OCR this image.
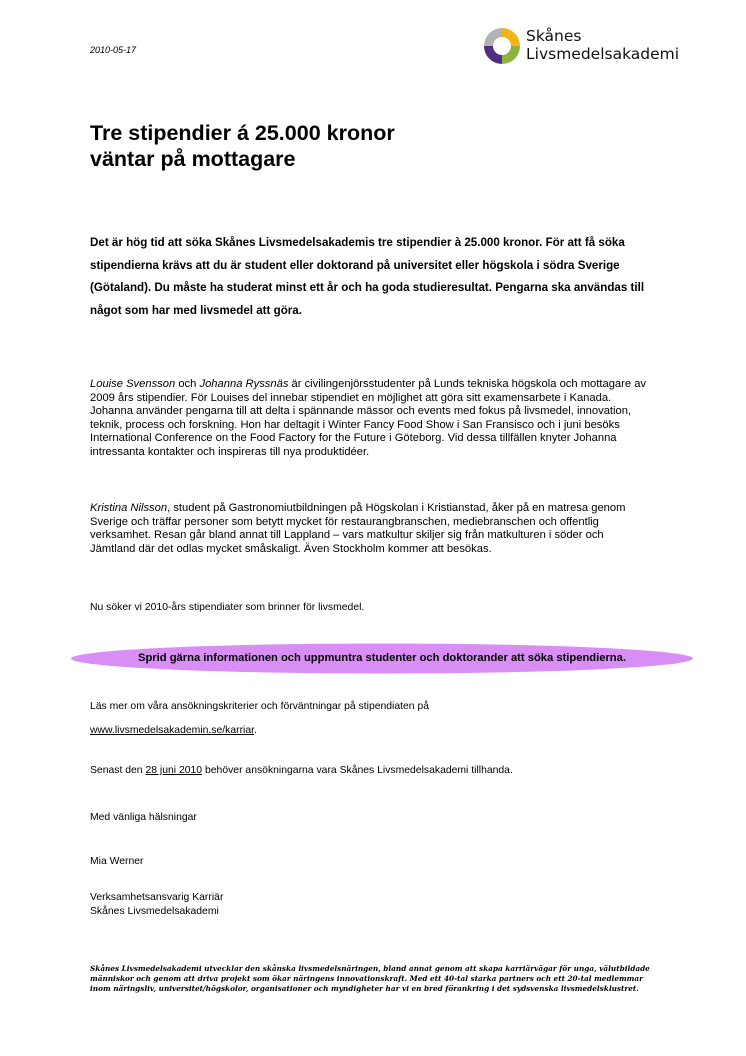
2010-05-17
Skånes
Livsmedelsakademi
Tre stipendier á 25.000 kronor
väntar på mottagare
Det är hög tid att söka Skånes Livsmedelsakademis tre stipendier à 25.000 kronor. För att få söka stipendierna krävs att du är student eller doktorand på universitet eller högskola i södra Sverige (Götaland). Du måste ha studerat minst ett år och ha goda studieresultat. Pengarna ska användas till något som har med livsmedel att göra.
Louise Svensson och Johanna Ryssnäs är civilingenjörsstudenter på Lunds tekniska högskola och mottagare av 2009 års stipendier. För Louises del innebar stipendiet en möjlighet att göra sitt examensarbete i Kanada. Johanna använder pengarna till att delta i spännande mässor och events med fokus på livsmedel, innovation, teknik, process och forskning. Hon har deltagit i Winter Fancy Food Show i San Fransisco och i juni besöks International Conference on the Food Factory for the Future i Göteborg. Vid dessa tillfällen knyter Johanna intressanta kontakter och inspireras till nya produktidéer.
Kristina Nilsson, student på Gastronomiutbildningen på Högskolan i Kristianstad, åker på en matresa genom Sverige och träffar personer som betytt mycket för restaurangbranschen, mediebranschen och offentlig verksamhet. Resan går bland annat till Lappland – vars matkultur skiljer sig från matkulturen i söder och Jämtland där det odlas mycket småskaligt. Även Stockholm kommer att besökas.
Nu söker vi 2010-års stipendiater som brinner för livsmedel.
Sprid gärna informationen och uppmuntra studenter och doktorander att söka stipendierna.
Läs mer om våra ansökningskriterier och förväntningar på stipendiaten på
www.livsmedelsakademin.se/karriar.
Senast den 28 juni 2010 behöver ansökningarna vara Skånes Livsmedelsakademi tillhanda.
Med vänliga hälsningar
Mia Werner
Verksamhetsansvarig Karriär
Skånes Livsmedelsakademi
Skånes Livsmedelsakademi utvecklar den skånska livsmedelsnäringen, bland annat genom att skapa karriärvägar för unga, välutbildade människor och genom att driva projekt som ökar näringens innovationskraft. Med ett 40-tal starka partners och ett 20-tal medlemmar inom näringsliv, universitet/högskolor, organisationer och myndigheter har vi en bred förankring i det sydsvenska livsmedelsklustret.
